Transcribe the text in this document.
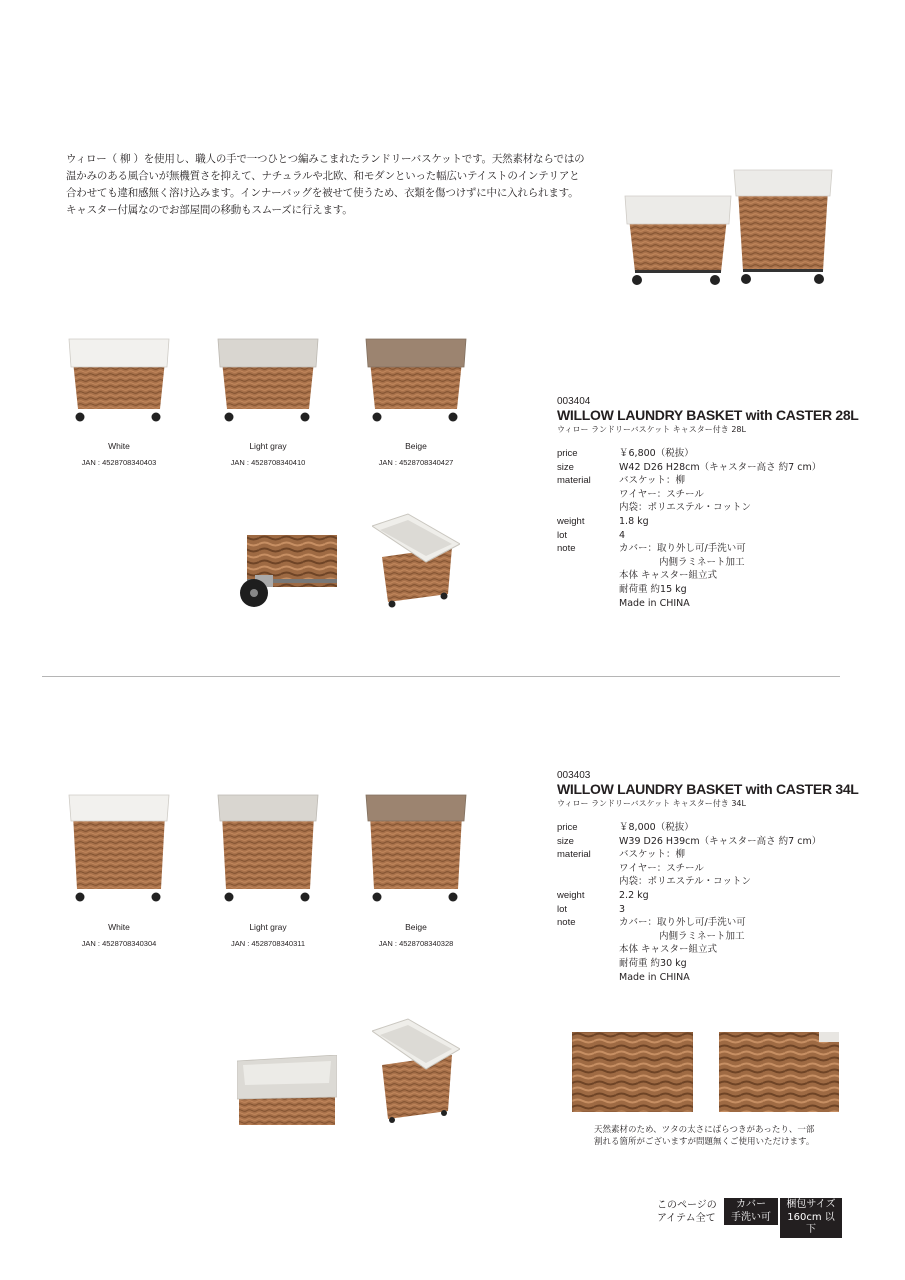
ウィロー（ 柳 ）を使用し、職人の手で一つひとつ編みこまれたランドリーバスケットです。天然素材ならではの
温かみのある風合いが無機質さを抑えて、ナチュラルや北欧、和モダンといった幅広いテイストのインテリアと
合わせても違和感無く溶け込みます。インナーバッグを被せて使うため、衣類を傷つけずに中に入れられます。
キャスター付属なのでお部屋間の移動もスムーズに行えます。
White	Light gray	Beige
JAN : 4528708340403	JAN : 4528708340410	JAN : 4528708340427
003404
WILLOW LAUNDRY BASKET with CASTER 28L
ウィロー ランドリーバスケット キャスター付き 28L
price	￥6,800（税抜）
size	W42 D26 H28cm（キャスター高さ 約7 cm）
material	バスケット：柳
ワイヤー：スチール
内袋：ポリエステル・コットン
weight	1.8 kg
lot	4
note	カバー：取り外し可/手洗い可
内側ラミネート加工
本体 キャスター組立式
耐荷重 約15 kg
Made in CHINA
White	Light gray	Beige
JAN : 4528708340304	JAN : 4528708340311	JAN : 4528708340328
003403
WILLOW LAUNDRY BASKET with CASTER 34L
ウィロー ランドリーバスケット キャスター付き 34L
price	￥8,000（税抜）
size	W39 D26 H39cm（キャスター高さ 約7 cm）
material	バスケット：柳
ワイヤー：スチール
内袋：ポリエステル・コットン
weight	2.2 kg
lot	3
note	カバー：取り外し可/手洗い可
内側ラミネート加工
本体 キャスター組立式
耐荷重 約30 kg
Made in CHINA
天然素材のため、ツタの太さにばらつきがあったり、一部
割れる箇所がございますが問題無くご使用いただけます。
このページの
アイテム全て
カバー
手洗い可
梱包サイズ
160cm 以下
